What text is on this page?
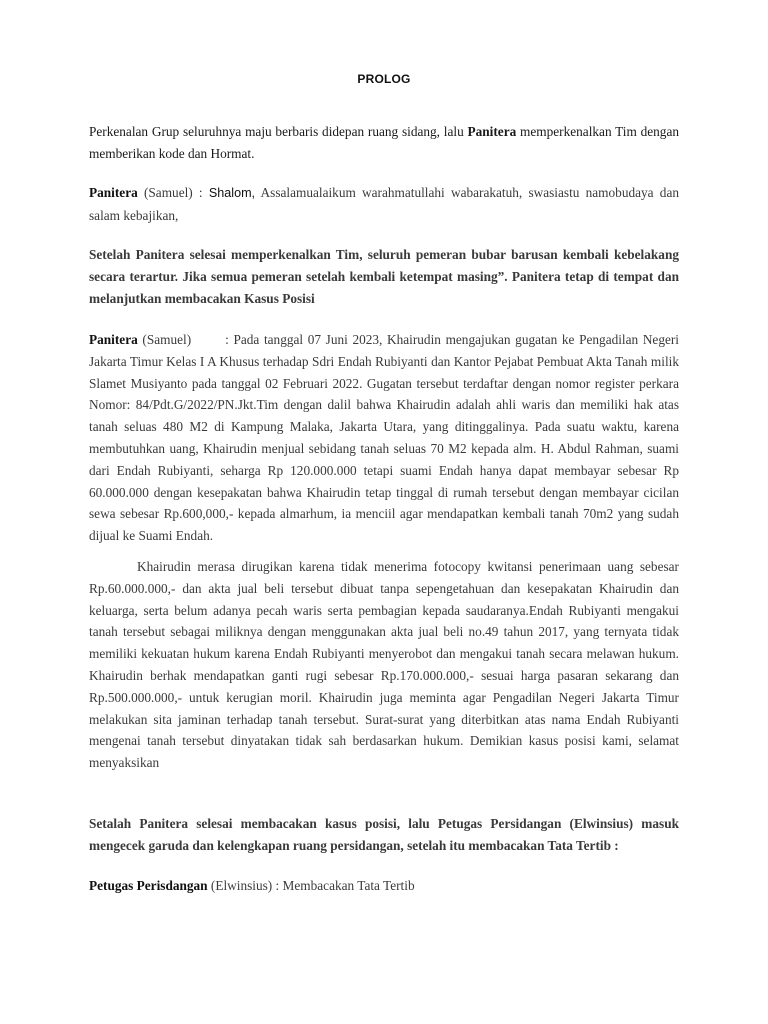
PROLOG

Perkenalan Grup seluruhnya maju berbaris didepan ruang sidang, lalu Panitera memperkenalkan Tim dengan memberikan kode dan Hormat.

Panitera (Samuel) : Shalom, Assalamualaikum warahmatullahi wabarakatuh, swasiastu namobudaya dan salam kebajikan,

Setelah Panitera selesai memperkenalkan Tim, seluruh pemeran bubar barusan kembali kebelakang secara terartur. Jika semua pemeran setelah kembali ketempat masing”. Panitera tetap di tempat dan melanjutkan membacakan Kasus Posisi

Panitera (Samuel)	: Pada tanggal 07 Juni 2023, Khairudin mengajukan gugatan ke Pengadilan Negeri Jakarta Timur Kelas I A Khusus terhadap Sdri Endah Rubiyanti dan Kantor Pejabat Pembuat Akta Tanah milik Slamet Musiyanto pada tanggal 02 Februari 2022. Gugatan tersebut terdaftar dengan nomor register perkara Nomor: 84/Pdt.G/2022/PN.Jkt.Tim dengan dalil bahwa Khairudin adalah ahli waris dan memiliki hak atas tanah seluas 480 M2 di Kampung Malaka, Jakarta Utara, yang ditinggalinya. Pada suatu waktu, karena membutuhkan uang, Khairudin menjual sebidang tanah seluas 70 M2 kepada alm. H. Abdul Rahman, suami dari Endah Rubiyanti, seharga Rp 120.000.000 tetapi suami Endah hanya dapat membayar sebesar Rp 60.000.000 dengan kesepakatan bahwa Khairudin tetap tinggal di rumah tersebut dengan membayar cicilan sewa sebesar Rp.600,000,- kepada almarhum, ia menciil agar mendapatkan kembali tanah 70m2 yang sudah dijual ke Suami Endah.

Khairudin merasa dirugikan karena tidak menerima fotocopy kwitansi penerimaan uang sebesar Rp.60.000.000,- dan akta jual beli tersebut dibuat tanpa sepengetahuan dan kesepakatan Khairudin dan keluarga, serta belum adanya pecah waris serta pembagian kepada saudaranya.Endah Rubiyanti mengakui tanah tersebut sebagai miliknya dengan menggunakan akta jual beli no.49 tahun 2017, yang ternyata tidak memiliki kekuatan hukum karena Endah Rubiyanti menyerobot dan mengakui tanah secara melawan hukum. Khairudin berhak mendapatkan ganti rugi sebesar Rp.170.000.000,- sesuai harga pasaran sekarang dan Rp.500.000.000,- untuk kerugian moril. Khairudin juga meminta agar Pengadilan Negeri Jakarta Timur melakukan sita jaminan terhadap tanah tersebut. Surat-surat yang diterbitkan atas nama Endah Rubiyanti mengenai tanah tersebut dinyatakan tidak sah berdasarkan hukum. Demikian kasus posisi kami, selamat menyaksikan

Setalah Panitera selesai membacakan kasus posisi, lalu Petugas Persidangan (Elwinsius) masuk mengecek garuda dan kelengkapan ruang persidangan, setelah itu membacakan Tata Tertib :

Petugas Perisdangan (Elwinsius) : Membacakan Tata Tertib
